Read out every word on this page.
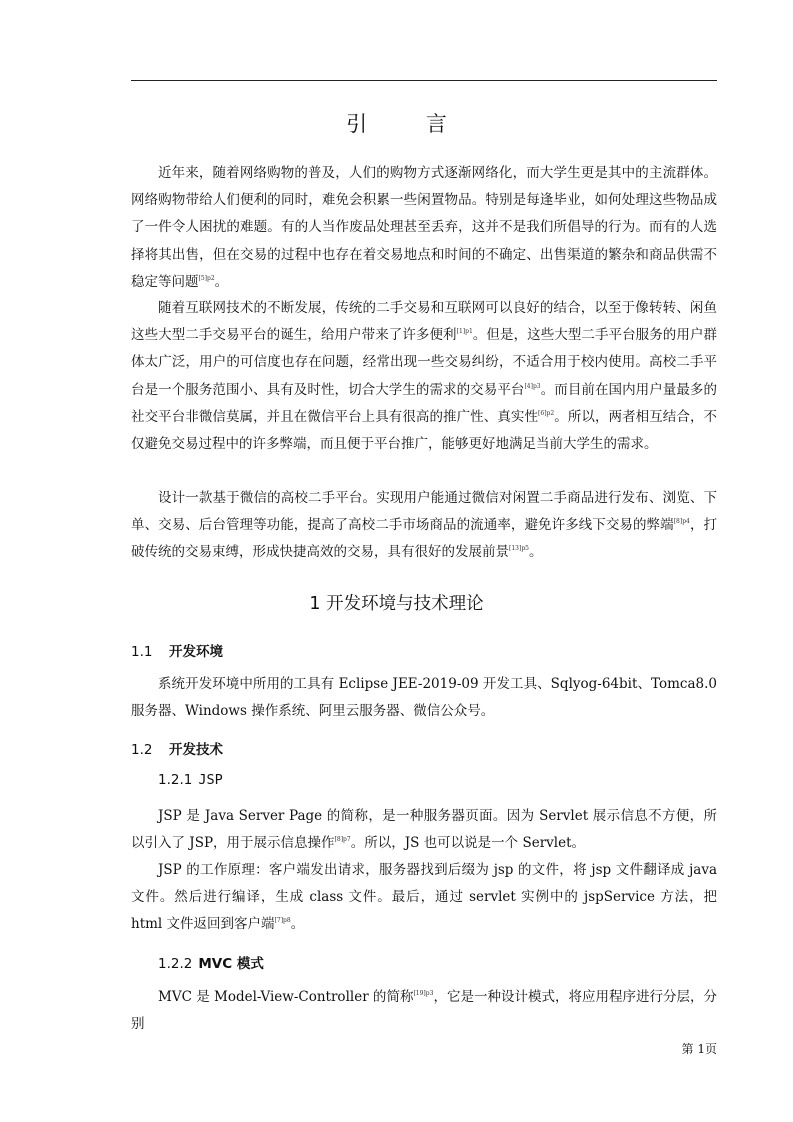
引 言

近年来，随着网络购物的普及，人们的购物方式逐渐网络化，而大学生更是其中的主流群体。网络购物带给人们便利的同时，难免会积累一些闲置物品。特别是每逢毕业，如何处理这些物品成了一件令人困扰的难题。有的人当作废品处理甚至丢弃，这并不是我们所倡导的行为。而有的人选择将其出售，但在交易的过程中也存在着交易地点和时间的不确定、出售渠道的繁杂和商品供需不稳定等问题$^{[5]p2}$。

随着互联网技术的不断发展，传统的二手交易和互联网可以良好的结合，以至于像转转、闲鱼这些大型二手交易平台的诞生，给用户带来了许多便利$^{[1]p1}$。但是，这些大型二手平台服务的用户群体太广泛，用户的可信度也存在问题，经常出现一些交易纠纷，不适合用于校内使用。高校二手平台是一个服务范围小、具有及时性，切合大学生的需求的交易平台$^{[4]p3}$。而目前在国内用户量最多的社交平台非微信莫属，并且在微信平台上具有很高的推广性、真实性$^{[6]p2}$。所以，两者相互结合，不仅避免交易过程中的许多弊端，而且便于平台推广，能够更好地满足当前大学生的需求。

设计一款基于微信的高校二手平台。实现用户能通过微信对闲置二手商品进行发布、浏览、下单、交易、后台管理等功能，提高了高校二手市场商品的流通率，避免许多线下交易的弊端$^{[8]p4}$，打破传统的交易束缚，形成快捷高效的交易，具有很好的发展前景$^{[13]p5}$。

1 开发环境与技术理论
1.1 开发环境

系统开发环境中所用的工具有 Eclipse JEE-2019-09 开发工具、Sqlyog-64bit、Tomca8.0 服务器、Windows 操作系统、阿里云服务器、微信公众号。

1.2 开发技术
1.2.1 JSP

JSP 是 Java Server Page 的简称，是一种服务器页面。因为 Servlet 展示信息不方便，所以引入了 JSP，用于展示信息操作$^{[8]p7}$。所以，JS 也可以说是一个 Servlet。

JSP 的工作原理：客户端发出请求，服务器找到后缀为 jsp 的文件，将 jsp 文件翻译成 java 文件。然后进行编译，生成 class 文件。最后，通过 servlet 实例中的 jspService 方法，把 html 文件返回到客户端$^{[7]p8}$。

1.2.2 MVC 模式

MVC 是 Model-View-Controller 的简称$^{[19]p3}$，它是一种设计模式，将应用程序进行分层，分别

第 1页
